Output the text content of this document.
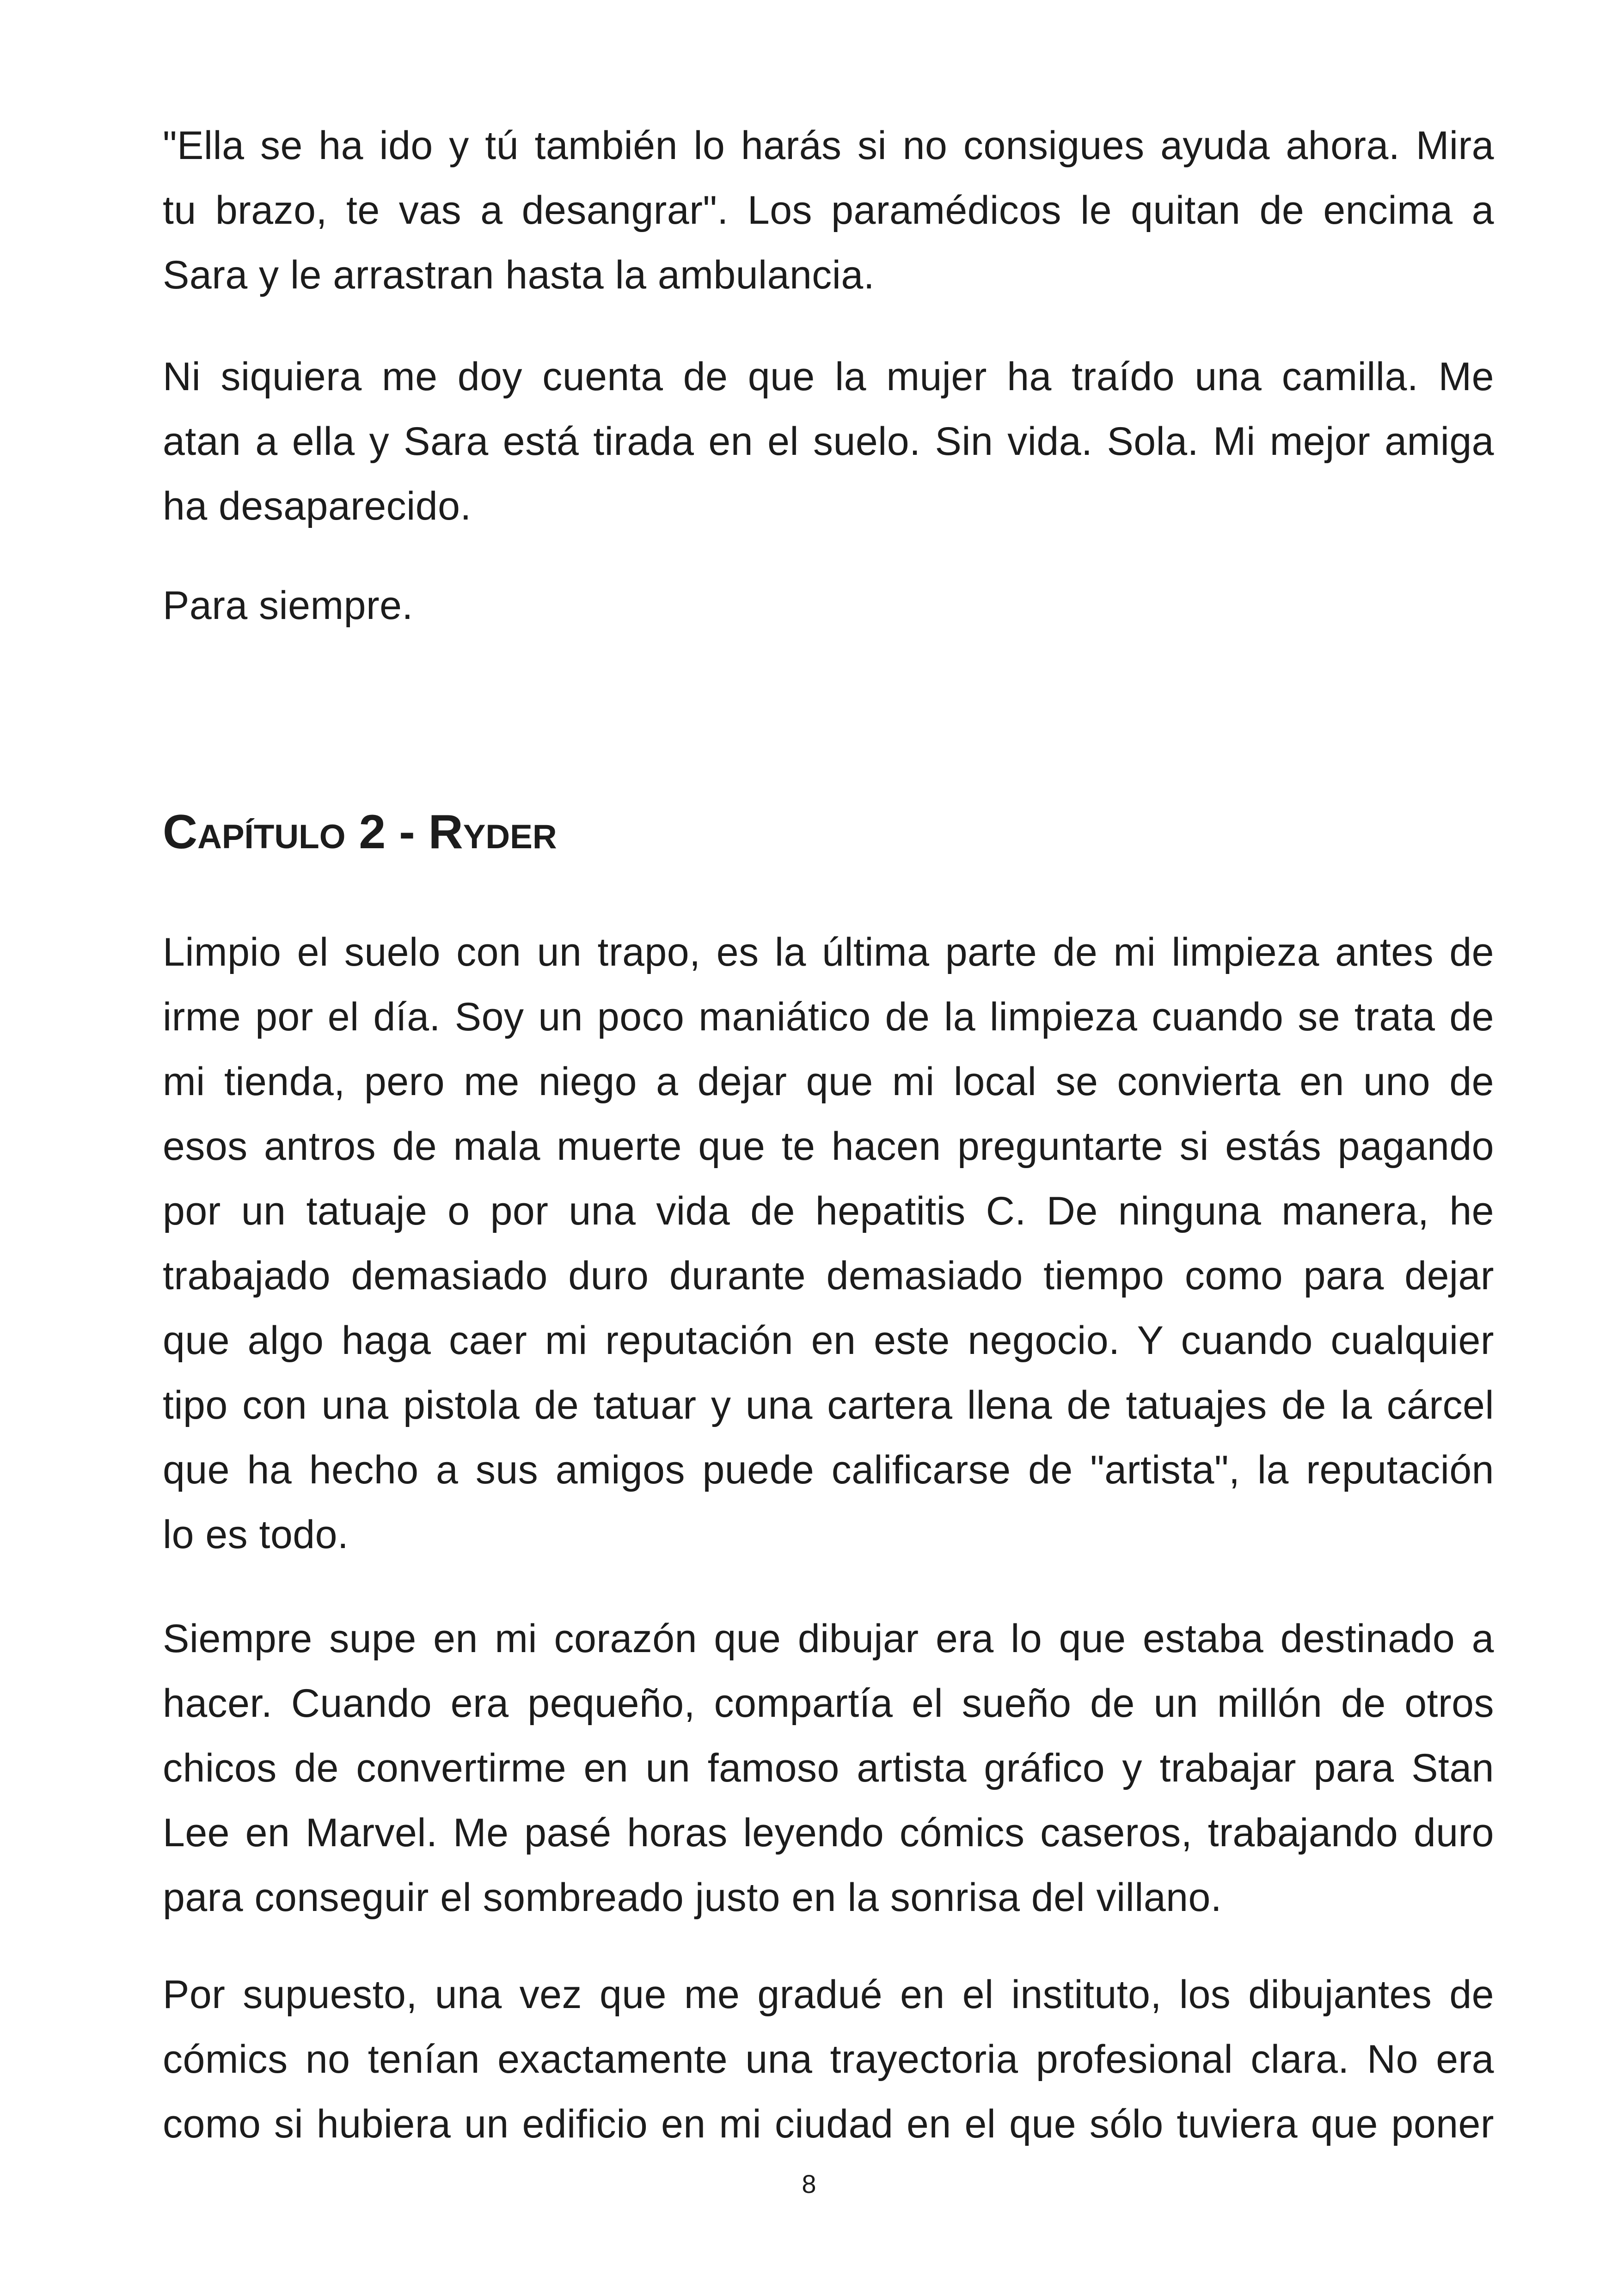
"Ella se ha ido y tú también lo harás si no consigues ayuda ahora. Mira
tu brazo, te vas a desangrar". Los paramédicos le quitan de encima a
Sara y le arrastran hasta la ambulancia.
Ni siquiera me doy cuenta de que la mujer ha traído una camilla. Me
atan a ella y Sara está tirada en el suelo. Sin vida. Sola. Mi mejor amiga
ha desaparecido.
Para siempre.
Capítulo 2 - Ryder
Limpio el suelo con un trapo, es la última parte de mi limpieza antes de
irme por el día. Soy un poco maniático de la limpieza cuando se trata de
mi tienda, pero me niego a dejar que mi local se convierta en uno de
esos antros de mala muerte que te hacen preguntarte si estás pagando
por un tatuaje o por una vida de hepatitis C. De ninguna manera, he
trabajado demasiado duro durante demasiado tiempo como para dejar
que algo haga caer mi reputación en este negocio. Y cuando cualquier
tipo con una pistola de tatuar y una cartera llena de tatuajes de la cárcel
que ha hecho a sus amigos puede calificarse de "artista", la reputación
lo es todo.
Siempre supe en mi corazón que dibujar era lo que estaba destinado a
hacer. Cuando era pequeño, compartía el sueño de un millón de otros
chicos de convertirme en un famoso artista gráfico y trabajar para Stan
Lee en Marvel. Me pasé horas leyendo cómics caseros, trabajando duro
para conseguir el sombreado justo en la sonrisa del villano.
Por supuesto, una vez que me gradué en el instituto, los dibujantes de
cómics no tenían exactamente una trayectoria profesional clara. No era
como si hubiera un edificio en mi ciudad en el que sólo tuviera que poner

8
